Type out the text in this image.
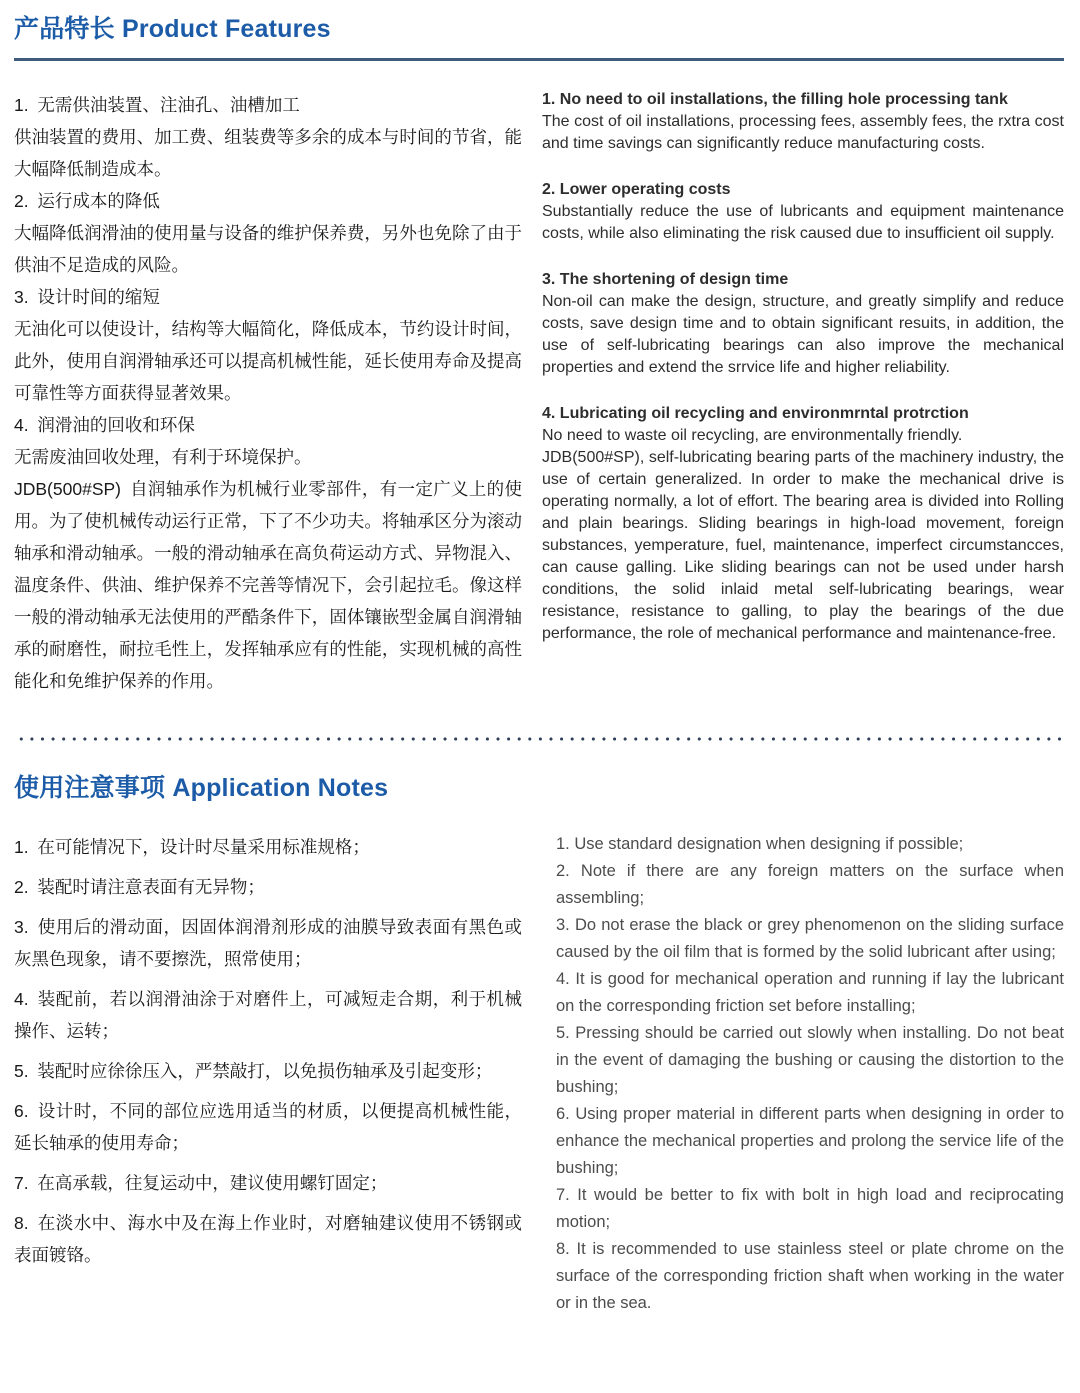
产品特长 Product Features
1. 无需供油装置、注油孔、油槽加工
供油装置的费用、加工费、组装费等多余的成本与时间的节省，能大幅降低制造成本。
2. 运行成本的降低
大幅降低润滑油的使用量与设备的维护保养费，另外也免除了由于供油不足造成的风险。
3. 设计时间的缩短
无油化可以使设计，结构等大幅简化，降低成本，节约设计时间，此外，使用自润滑轴承还可以提高机械性能，延长使用寿命及提高可靠性等方面获得显著效果。
4. 润滑油的回收和环保
无需废油回收处理，有利于环境保护。
JDB(500#SP) 自润轴承作为机械行业零部件，有一定广义上的使用。为了使机械传动运行正常，下了不少功夫。将轴承区分为滚动轴承和滑动轴承。一般的滑动轴承在高负荷运动方式、异物混入、温度条件、供油、维护保养不完善等情况下，会引起拉毛。像这样一般的滑动轴承无法使用的严酷条件下，固体镶嵌型金属自润滑轴承的耐磨性，耐拉毛性上，发挥轴承应有的性能，实现机械的高性能化和免维护保养的作用。
1. No need to oil installations, the filling hole processing tank

The cost of oil installations, processing fees, assembly fees, the rxtra cost and time savings can significantly reduce manufacturing costs.

2. Lower operating costs

Substantially reduce the use of lubricants and equipment maintenance costs, while also eliminating the risk caused due to insufficient oil supply.

3. The shortening of design time

Non-oil can make the design, structure, and greatly simplify and reduce costs, save design time and to obtain significant resuits, in addition, the use of self-lubricating bearings can also improve the mechanical properties and extend the srrvice life and higher reliability.

4. Lubricating oil recycling and environmrntal protrction

No need to waste oil recycling, are environmentally friendly.

JDB(500#SP), self-lubricating bearing parts of the machinery industry, the use of certain generalized. In order to make the mechanical drive is operating normally, a lot of effort. The bearing area is divided into Rolling and plain bearings. Sliding bearings in high-load movement, foreign substances, yemperature, fuel, maintenance, imperfect circumstancces, can cause galling. Like sliding bearings can not be used under harsh conditions, the solid inlaid metal self-lubricating bearings, wear resistance, resistance to galling, to play the bearings of the due performance, the role of mechanical performance and maintenance-free.

使用注意事项 Application Notes
1. 在可能情况下，设计时尽量采用标准规格；
2. 装配时请注意表面有无异物；
3. 使用后的滑动面，因固体润滑剂形成的油膜导致表面有黑色或灰黑色现象，请不要擦洗，照常使用；
4. 装配前，若以润滑油涂于对磨件上，可减短走合期，利于机械操作、运转；
5. 装配时应徐徐压入，严禁敲打，以免损伤轴承及引起变形；
6. 设计时，不同的部位应选用适当的材质，以便提高机械性能，延长轴承的使用寿命；
7. 在高承载，往复运动中，建议使用螺钉固定；
8. 在淡水中、海水中及在海上作业时，对磨轴建议使用不锈钢或表面镀铬。
1. Use standard designation when designing if possible;
2. Note if there are any foreign matters on the surface when assembling;
3. Do not erase the black or grey phenomenon on the sliding surface caused by the oil film that is formed by the solid lubricant after using;
4. It is good for mechanical operation and running if lay the lubricant on the corresponding friction set before installing;
5. Pressing should be carried out slowly when installing. Do not beat in the event of damaging the bushing or causing the distortion to the bushing;
6. Using proper material in different parts when designing in order to enhance the mechanical properties and prolong the service life of the bushing;
7. It would be better to fix with bolt in high load and reciprocating motion;
8. It is recommended to use stainless steel or plate chrome on the surface of the corresponding friction shaft when working in the water or in the sea.
